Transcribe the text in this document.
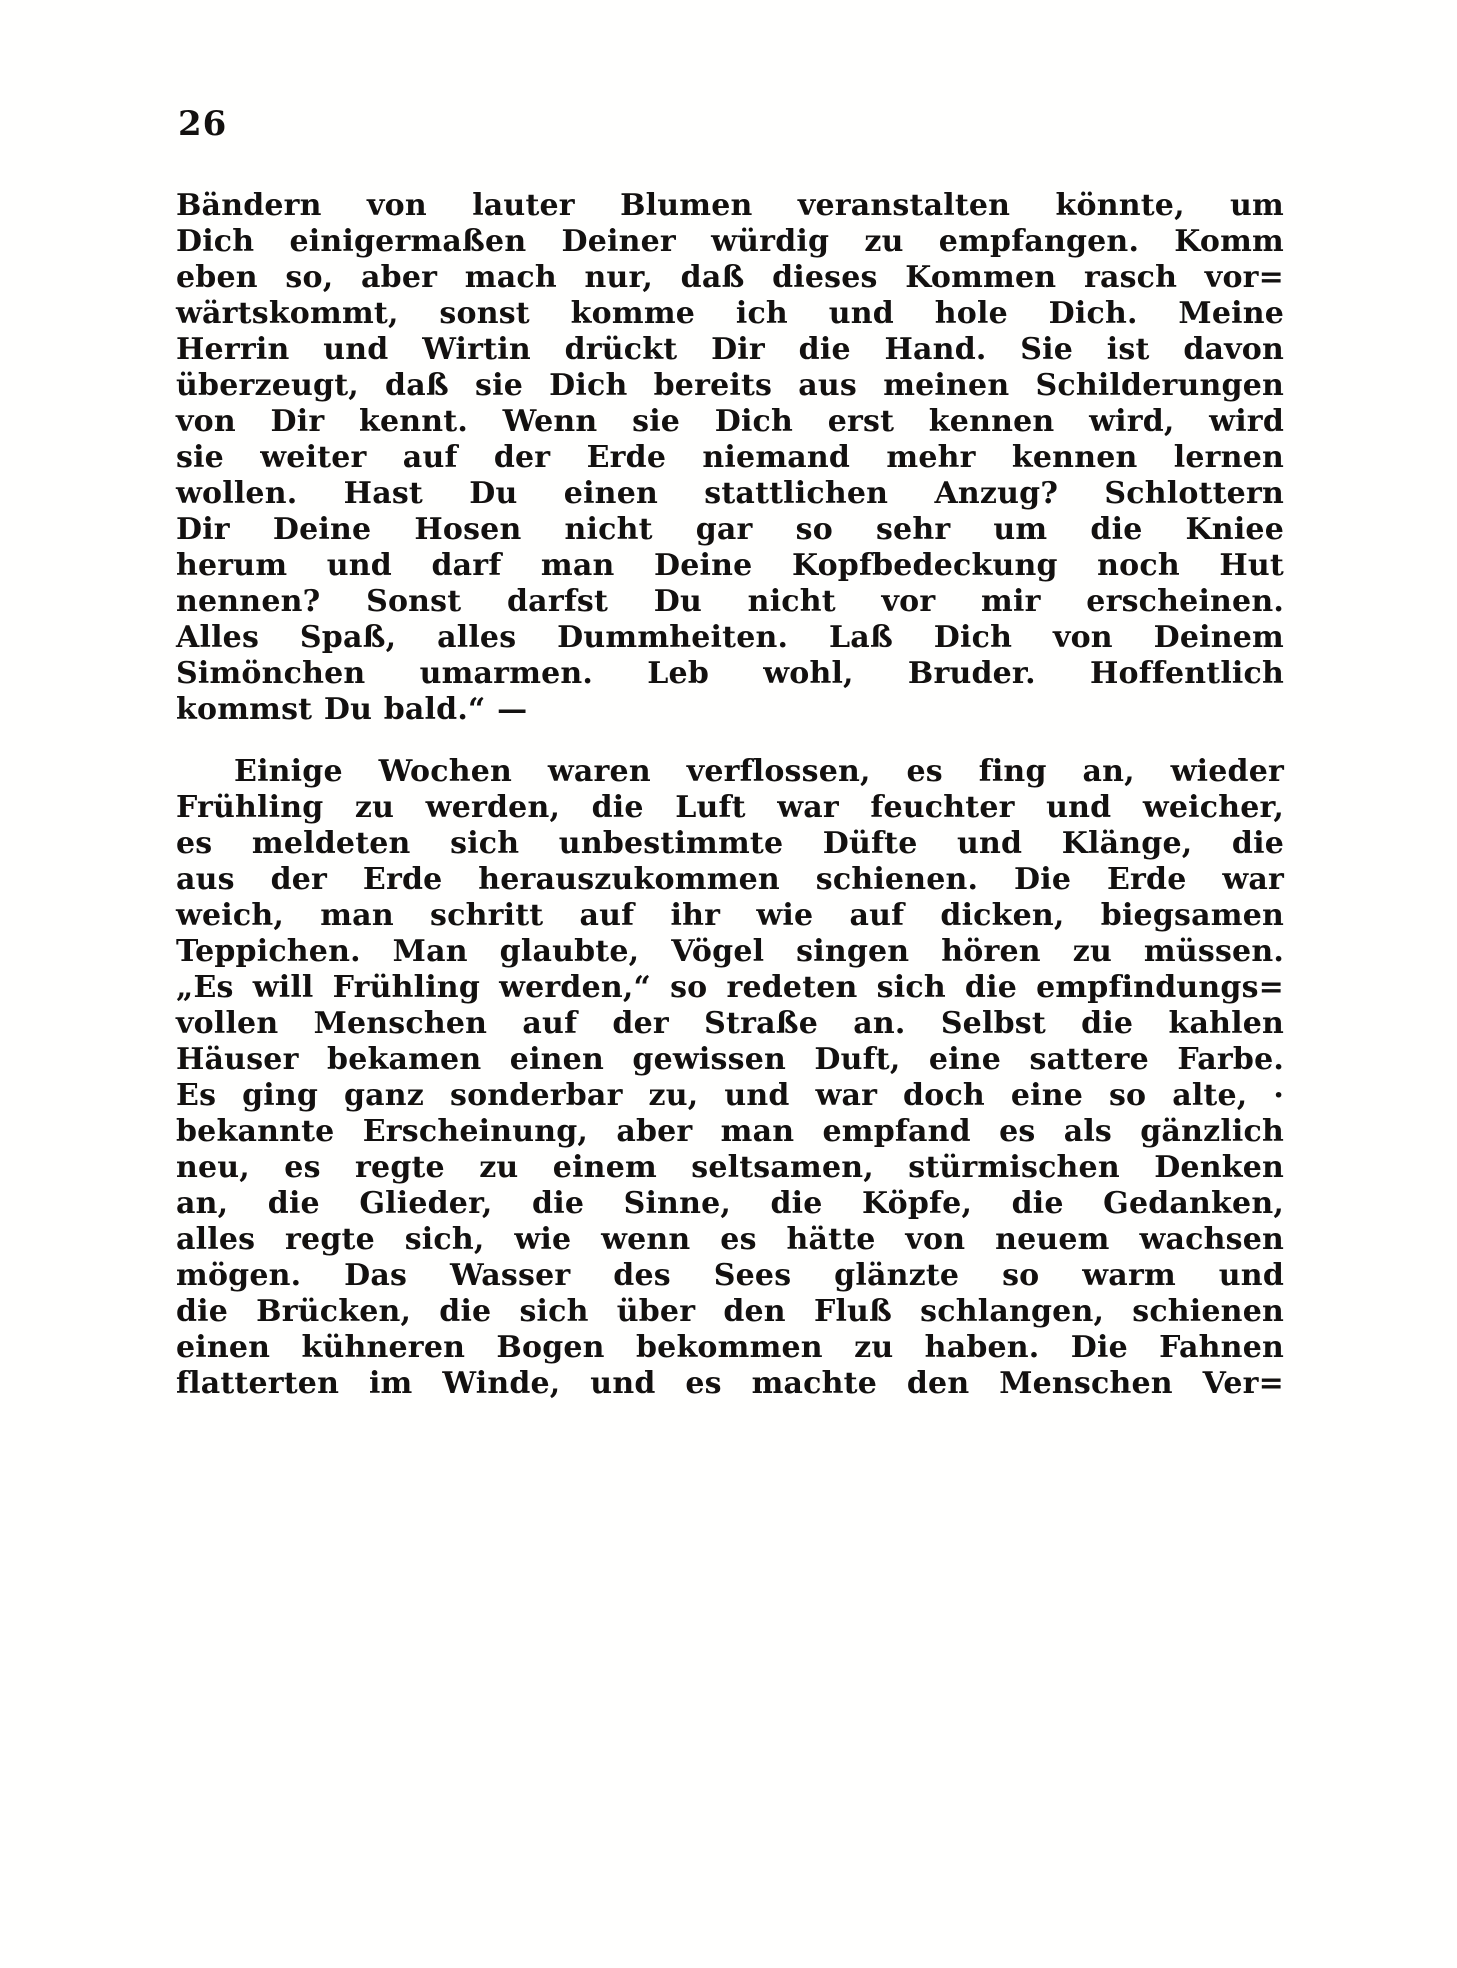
26
Bändern von lauter Blumen veranstalten könnte, um
Dich einigermaßen Deiner würdig zu empfangen. Komm
eben so, aber mach nur, daß dieses Kommen rasch vor=
wärtskommt, sonst komme ich und hole Dich. Meine
Herrin und Wirtin drückt Dir die Hand. Sie ist davon
überzeugt, daß sie Dich bereits aus meinen Schilderungen
von Dir kennt. Wenn sie Dich erst kennen wird, wird
sie weiter auf der Erde niemand mehr kennen lernen
wollen. Hast Du einen stattlichen Anzug? Schlottern
Dir Deine Hosen nicht gar so sehr um die Kniee
herum und darf man Deine Kopfbedeckung noch Hut
nennen? Sonst darfst Du nicht vor mir erscheinen.
Alles Spaß, alles Dummheiten. Laß Dich von Deinem
Simönchen umarmen. Leb wohl, Bruder. Hoffentlich
kommst Du bald.“ —
Einige Wochen waren verflossen, es fing an, wieder
Frühling zu werden, die Luft war feuchter und weicher,
es meldeten sich unbestimmte Düfte und Klänge, die
aus der Erde herauszukommen schienen. Die Erde war
weich, man schritt auf ihr wie auf dicken, biegsamen
Teppichen. Man glaubte, Vögel singen hören zu müssen.
„Es will Frühling werden,“ so redeten sich die empfindungs=
vollen Menschen auf der Straße an. Selbst die kahlen
Häuser bekamen einen gewissen Duft, eine sattere Farbe.
Es ging ganz sonderbar zu, und war doch eine so alte, ·
bekannte Erscheinung, aber man empfand es als gänzlich
neu, es regte zu einem seltsamen, stürmischen Denken
an, die Glieder, die Sinne, die Köpfe, die Gedanken,
alles regte sich, wie wenn es hätte von neuem wachsen
mögen. Das Wasser des Sees glänzte so warm und
die Brücken, die sich über den Fluß schlangen, schienen
einen kühneren Bogen bekommen zu haben. Die Fahnen
flatterten im Winde, und es machte den Menschen Ver=
